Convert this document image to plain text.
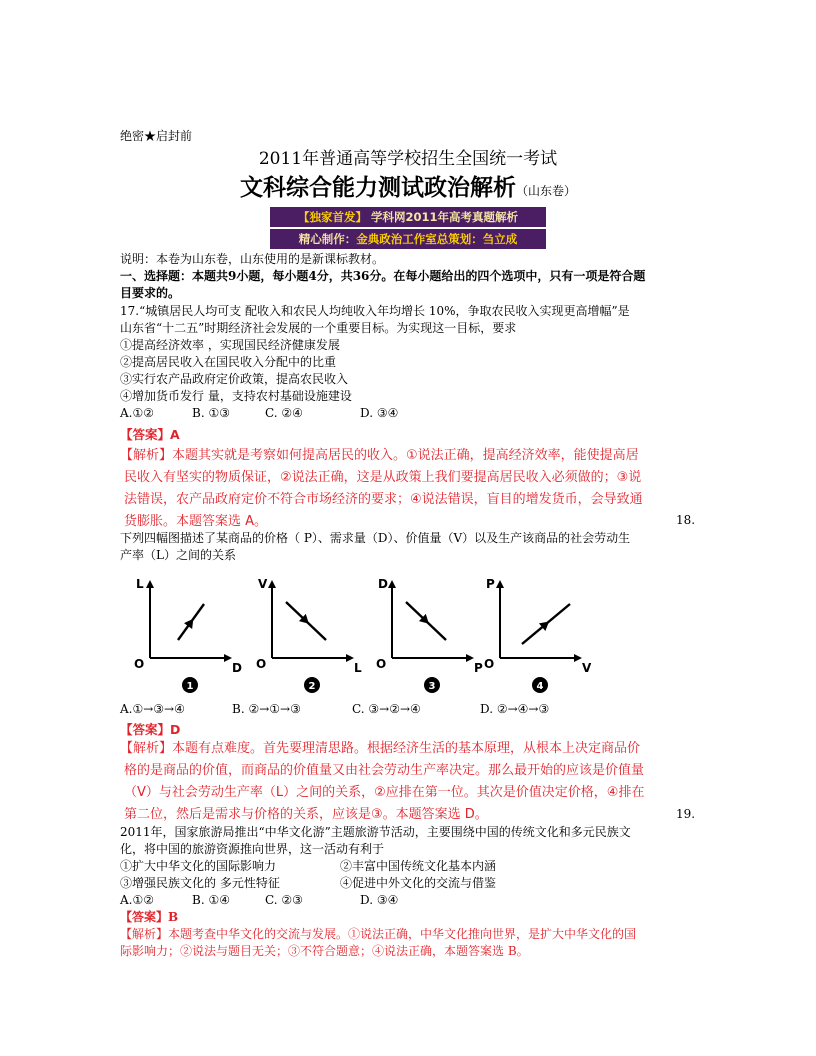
绝密★启封前
2011年普通高等学校招生全国统一考试
文科综合能力测试政治解析（山东卷）
【独家首发】 学科网2011年高考真题解析
精心制作：金典政治工作室总策划：刍立成
说明：本卷为山东卷，山东使用的是新课标教材。
一、选择题：本题共9小题，每小题4分，共36分。在每小题给出的四个选项中，只有一项是符合题
目要求的。
17.“城镇居民人均可支 配收入和农民人均纯收入年均增长 10%，争取农民收入实现更高增幅”是
山东省“十二五”时期经济社会发展的一个重要目标。为实现这一目标，要求
①提高经济效率 ，实现国民经济健康发展
②提高居民收入在国民收入分配中的比重
③实行农产品政府定价政策，提高农民收入
④增加货币发行 量，支持农村基础设施建设
A.①②	B. ①③	C. ②④	D. ③④
【答案】A
【解析】本题其实就是考察如何提高居民的收入。①说法正确，提高经济效率，能使提高居
民收入有坚实的物质保证，②说法正确，这是从政策上我们要提高居民收入必须做的；③说
法错误，农产品政府定价不符合市场经济的要求；④说法错误，盲目的增发货币，会导致通
货膨胀。本题答案选 A。	18.
下列四幅图描述了某商品的价格（ P）、需求量（D）、价值量（V）以及生产该商品的社会劳动生
产率（L）之间的关系
L
D
O
1
V
L
O
2
D
P
O
3
P
V
O
4
A.①→③→④	B. ②→①→③	C. ③→②→④	D. ②→④→③
【答案】D
【解析】本题有点难度。首先要理清思路。根据经济生活的基本原理，从根本上决定商品价
格的是商品的价值，而商品的价值量又由社会劳动生产率决定。那么最开始的应该是价值量
（V）与社会劳动生产率（L）之间的关系，②应排在第一位。其次是价值决定价格，④排在
第二位，然后是需求与价格的关系，应该是③。本题答案选 D。	19.
2011年，国家旅游局推出“中华文化游”主题旅游节活动，主要围绕中国的传统文化和多元民族文
化，将中国的旅游资源推向世界，这一活动有利于
①扩大中华文化的国际影响力	②丰富中国传统文化基本内涵
③增强民族文化的 多元性特征	④促进中外文化的交流与借鉴
A.①②	B. ①④	C. ②③	D. ③④
【答案】B
【解析】本题考查中华文化的交流与发展。①说法正确，中华文化推向世界，是扩大中华文化的国
际影响力；②说法与题目无关；③不符合题意；④说法正确，本题答案选 B。
